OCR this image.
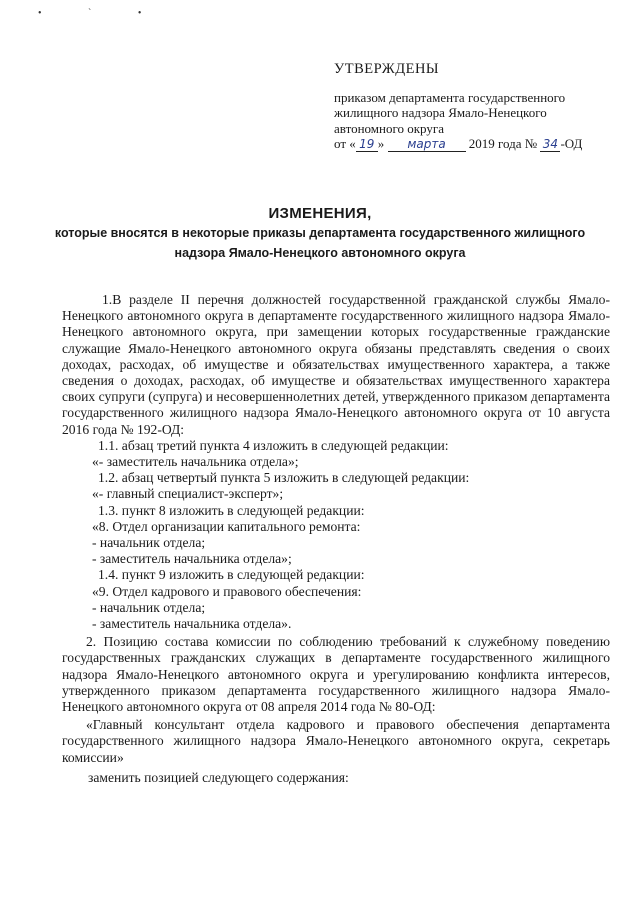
• ` •
УТВЕРЖДЕНЫ
приказом департамента государственного
жилищного надзора Ямало-Ненецкого
автономного округа
от « 19 » марта 2019 года № 34 -ОД
ИЗМЕНЕНИЯ,
которые вносятся в некоторые приказы департамента государственного жилищного
надзора Ямало-Ненецкого автономного округа

1.В разделе II перечня должностей государственной гражданской службы Ямало-Ненецкого автономного округа в департаменте государственного жилищного надзора Ямало-Ненецкого автономного округа, при замещении которых государственные гражданские служащие Ямало-Ненецкого автономного округа обязаны представлять сведения о своих доходах, расходах, об имуществе и обязательствах имущественного характера, а также сведения о доходах, расходах, об имуществе и обязательствах имущественного характера своих супруги (супруга) и несовершеннолетних детей, утвержденного приказом департамента государственного жилищного надзора Ямало-Ненецкого автономного округа от 10 августа 2016 года № 192-ОД:

1.1. абзац третий пункта 4 изложить в следующей редакции:

«- заместитель начальника отдела»;

1.2. абзац четвертый пункта 5 изложить в следующей редакции:

«- главный специалист-эксперт»;

1.3. пункт 8 изложить в следующей редакции:

«8. Отдел организации капитального ремонта:

- начальник отдела;

- заместитель начальника отдела»;

1.4. пункт 9 изложить в следующей редакции:

«9. Отдел кадрового и правового обеспечения:

- начальник отдела;

- заместитель начальника отдела».

2. Позицию состава комиссии по соблюдению требований к служебному поведению государственных гражданских служащих в департаменте государственного жилищного надзора Ямало-Ненецкого автономного округа и урегулированию конфликта интересов, утвержденного приказом департамента государственного жилищного надзора Ямало-Ненецкого автономного округа от 08 апреля 2014 года № 80-ОД:

«Главный консультант отдела кадрового и правового обеспечения департамента государственного жилищного надзора Ямало-Ненецкого автономного округа, секретарь комиссии»

заменить позицией следующего содержания:
